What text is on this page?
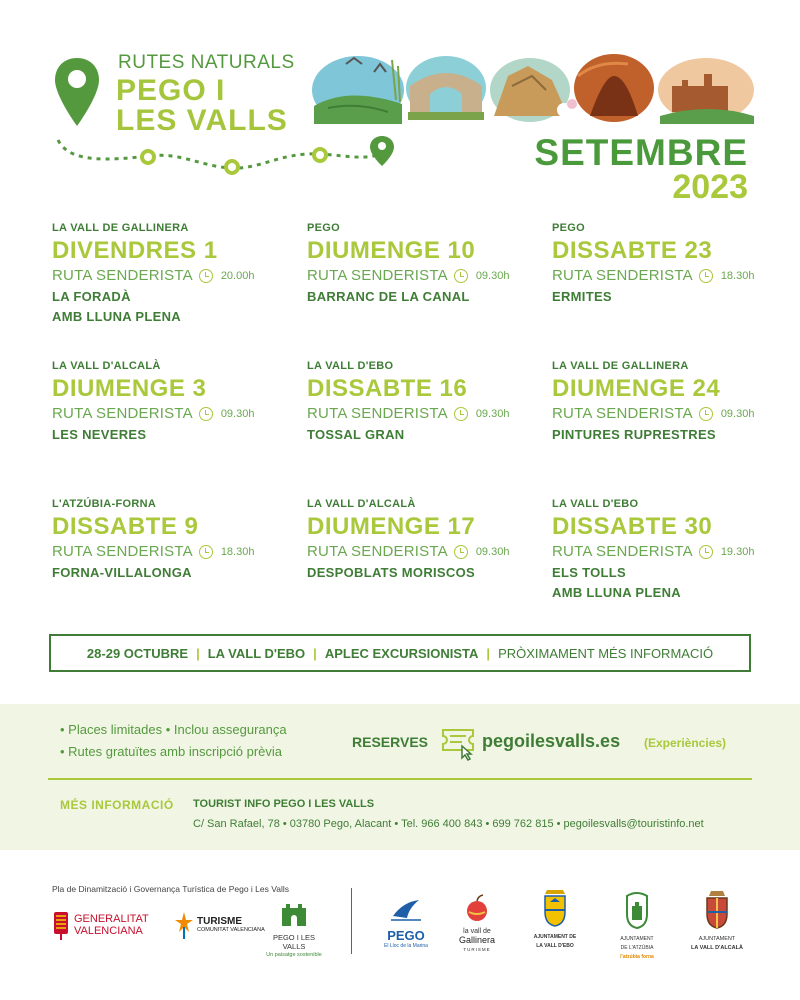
RUTES NATURALS
PEGO I
LES VALLS
SETEMBRE
2023
LA VALL DE GALLINERA
DIVENDRES 1
RUTA SENDERISTA	20.00h
LA FORADÀ
AMB LLUNA PLENA
PEGO
DIUMENGE 10
RUTA SENDERISTA	09.30h
BARRANC DE LA CANAL
PEGO
DISSABTE 23
RUTA SENDERISTA	18.30h
ERMITES
LA VALL D'ALCALÀ
DIUMENGE 3
RUTA SENDERISTA	09.30h
LES NEVERES
LA VALL D'EBO
DISSABTE 16
RUTA SENDERISTA	09.30h
TOSSAL GRAN
LA VALL DE GALLINERA
DIUMENGE 24
RUTA SENDERISTA	09.30h
PINTURES RUPRESTRES
L'ATZÚBIA-FORNA
DISSABTE 9
RUTA SENDERISTA	18.30h
FORNA-VILLALONGA
LA VALL D'ALCALÀ
DIUMENGE 17
RUTA SENDERISTA	09.30h
DESPOBLATS MORISCOS
LA VALL D'EBO
DISSABTE 30
RUTA SENDERISTA	19.30h
ELS TOLLS
AMB LLUNA PLENA
28-29 OCTUBRE | LA VALL D'EBO | APLEC EXCURSIONISTA | PRÒXIMAMENT MÉS INFORMACIÓ
• Places limitades • Inclou assegurança
• Rutes gratuïtes amb inscripció prèvia
RESERVES	pegoilesvalls.es (Experiències)
MÉS INFORMACIÓ TOURIST INFO PEGO I LES VALLS
C/ San Rafael, 78 • 03780 Pego, Alacant • Tel. 966 400 843 • 699 762 815 • pegoilesvalls@touristinfo.net
Pla de Dinamització i Governança Turística de Pego i Les Valls
GENERALITAT
VALENCIANA
TURISME
COMUNITAT VALENCIANA
PEGO I LES VALLS
Un paisatge sostenible
PEGO
El Lloc de la Marina
la vall de
Gallinera
TURISME
AJUNTAMENT DE
LA VALL D'EBO
AJUNTAMENT
DE L'ATZÚBIA
l'atzúbia forna
AJUNTAMENT
LA VALL D'ALCALÀ
